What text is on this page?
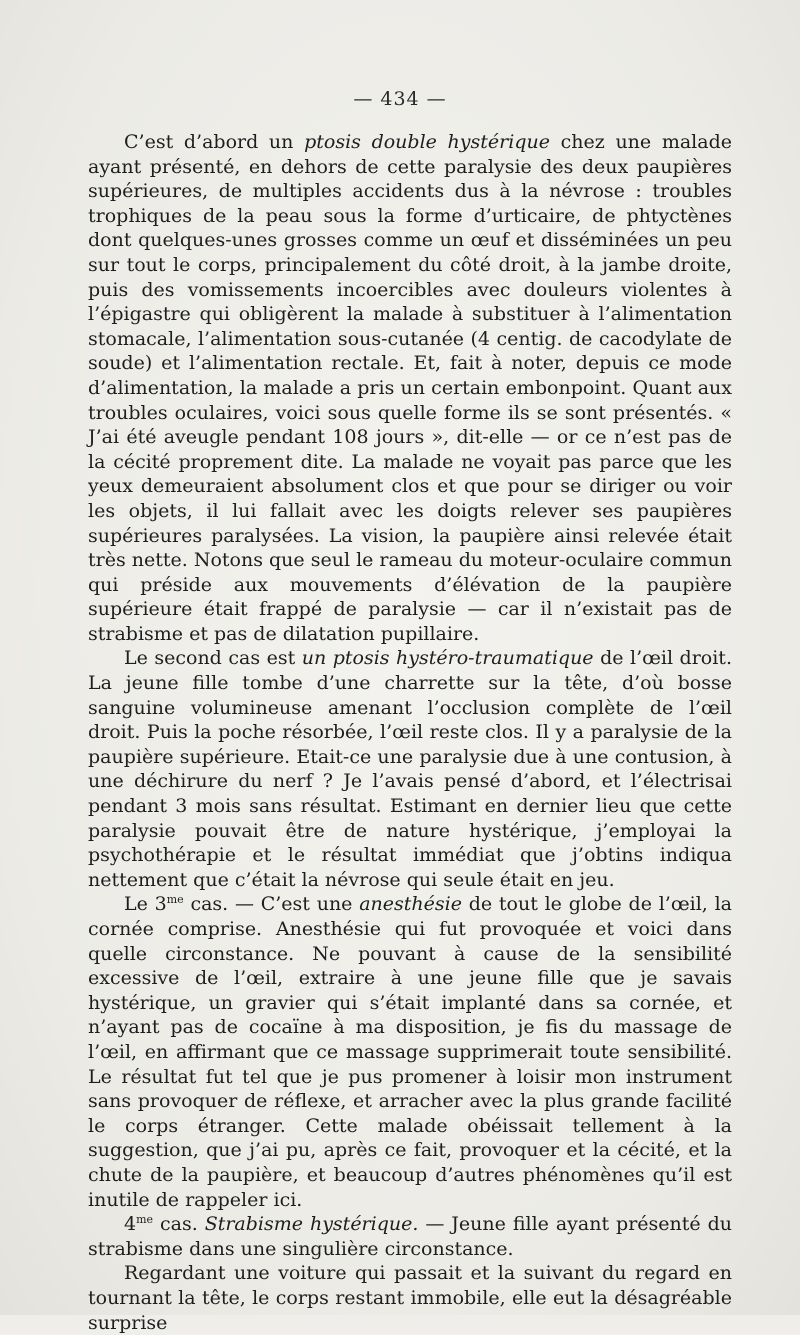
— 434 —

C’est d’abord un ptosis double hystérique chez une malade ayant présenté, en dehors de cette paralysie des deux paupières supérieures, de multiples accidents dus à la névrose : troubles trophiques de la peau sous la forme d’urticaire, de phtyctènes dont quelques-unes grosses comme un œuf et disséminées un peu sur tout le corps, principalement du côté droit, à la jambe droite, puis des vomissements incoercibles avec douleurs violentes à l’épigastre qui obligèrent la malade à substituer à l’alimentation stomacale, l’alimentation sous-cutanée (4 centig. de cacodylate de soude) et l’alimentation rectale. Et, fait à noter, depuis ce mode d’alimentation, la malade a pris un certain embonpoint. Quant aux troubles oculaires, voici sous quelle forme ils se sont présentés. « J’ai été aveugle pendant 108 jours », dit-elle — or ce n’est pas de la cécité proprement dite. La malade ne voyait pas parce que les yeux demeuraient absolument clos et que pour se diriger ou voir les objets, il lui fallait avec les doigts relever ses paupières supérieures paralysées. La vision, la paupière ainsi relevée était très nette. Notons que seul le rameau du moteur-oculaire commun qui préside aux mouvements d’élévation de la paupière supérieure était frappé de paralysie — car il n’existait pas de strabisme et pas de dilatation pupillaire.

Le second cas est un ptosis hystéro-traumatique de l’œil droit. La jeune fille tombe d’une charrette sur la tête, d’où bosse sanguine volumineuse amenant l’occlusion complète de l’œil droit. Puis la poche résorbée, l’œil reste clos. Il y a paralysie de la paupière supérieure. Etait-ce une paralysie due à une contusion, à une déchirure du nerf ? Je l’avais pensé d’abord, et l’électrisai pendant 3 mois sans résultat. Estimant en dernier lieu que cette paralysie pouvait être de nature hystérique, j’employai la psychothérapie et le résultat immédiat que j’obtins indiqua nettement que c’était la névrose qui seule était en jeu.

Le $3^{me}$ cas. — C’est une anesthésie de tout le globe de l’œil, la cornée comprise. Anesthésie qui fut provoquée et voici dans quelle circonstance. Ne pouvant à cause de la sensibilité excessive de l’œil, extraire à une jeune fille que je savais hystérique, un gravier qui s’était implanté dans sa cornée, et n’ayant pas de cocaïne à ma disposition, je fis du massage de l’œil, en affirmant que ce massage supprimerait toute sensibilité. Le résultat fut tel que je pus promener à loisir mon instrument sans provoquer de réflexe, et arracher avec la plus grande facilité le corps étranger. Cette malade obéissait tellement à la suggestion, que j’ai pu, après ce fait, provoquer et la cécité, et la chute de la paupière, et beaucoup d’autres phénomènes qu’il est inutile de rappeler ici.

$4^{me}$ cas. Strabisme hystérique. — Jeune fille ayant présenté du strabisme dans une singulière circonstance.

Regardant une voiture qui passait et la suivant du regard en tournant la tête, le corps restant immobile, elle eut la désagréable surprise
